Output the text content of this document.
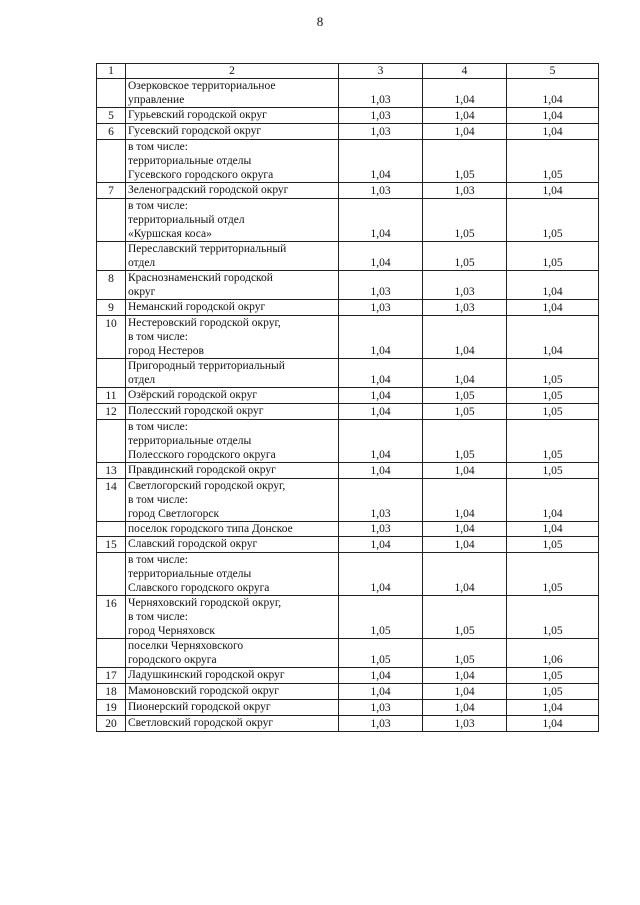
8
1	2	3	4	5
	Озерковское территориальное
управление	1,03	1,04	1,04
5	Гурьевский городской округ	1,03	1,04	1,04
6	Гусевский городской округ	1,03	1,04	1,04
	в том числе:
территориальные отделы
Гусевского городского округа	1,04	1,05	1,05
7	Зеленоградский городской округ	1,03	1,03	1,04
	в том числе:
территориальный отдел
«Куршская коса»	1,04	1,05	1,05
	Переславский территориальный
отдел	1,04	1,05	1,05
8	Краснознаменский городской
округ	1,03	1,03	1,04
9	Неманский городской округ	1,03	1,03	1,04
10	Нестеровский городской округ,
в том числе:
город Нестеров	1,04	1,04	1,04
	Пригородный территориальный
отдел	1,04	1,04	1,05
11	Озёрский городской округ	1,04	1,05	1,05
12	Полесский городской округ	1,04	1,05	1,05
	в том числе:
территориальные отделы
Полесского городского округа	1,04	1,05	1,05
13	Правдинский городской округ	1,04	1,04	1,05
14	Светлогорский городской округ,
в том числе:
город Светлогорск	1,03	1,04	1,04
	поселок городского типа Донское	1,03	1,04	1,04
15	Славский городской округ	1,04	1,04	1,05
	в том числе:
территориальные отделы
Славского городского округа	1,04	1,04	1,05
16	Черняховский городской округ,
в том числе:
город Черняховск	1,05	1,05	1,05
	поселки Черняховского
городского округа	1,05	1,05	1,06
17	Ладушкинский городской округ	1,04	1,04	1,05
18	Мамоновский городской округ	1,04	1,04	1,05
19	Пионерский городской округ	1,03	1,04	1,04
20	Светловский городской округ	1,03	1,03	1,04
